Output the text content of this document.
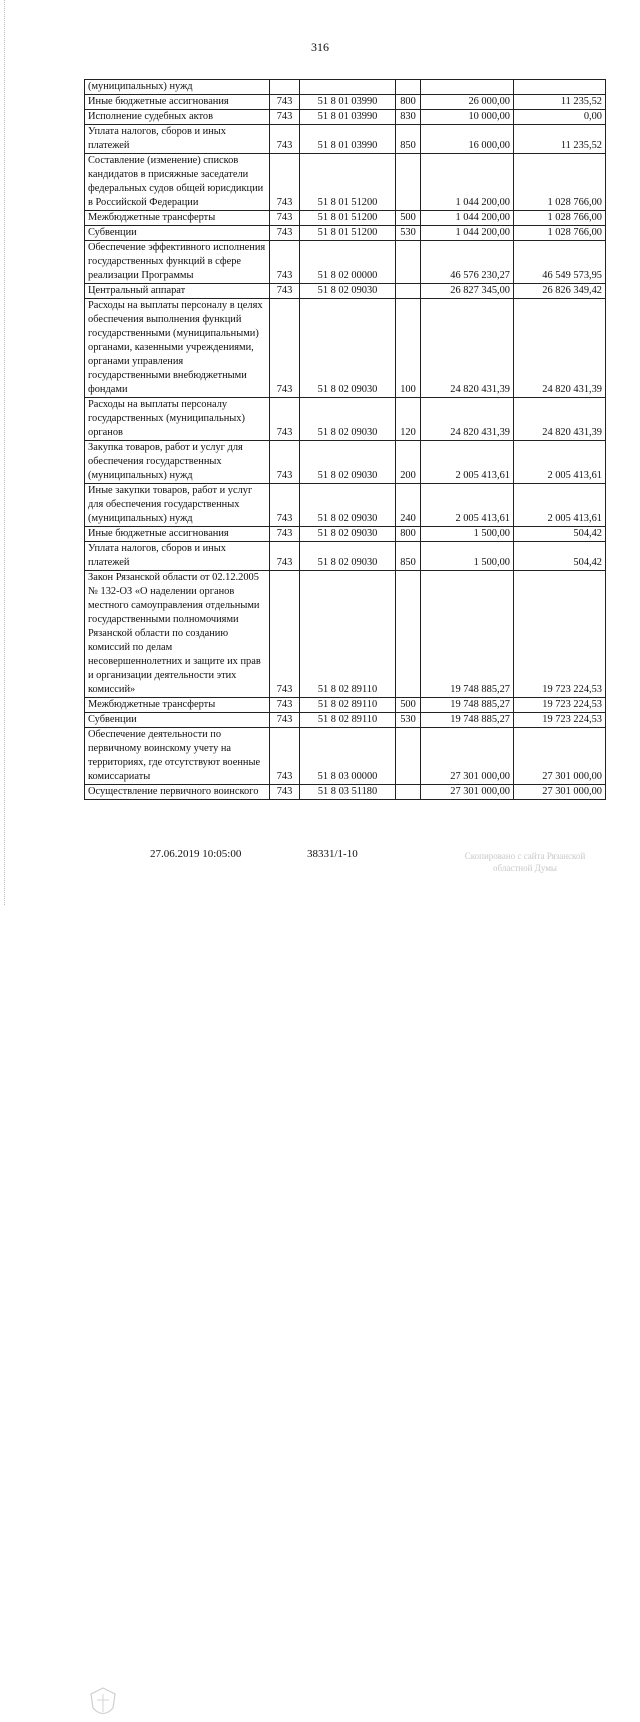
316
(муниципальных) нужд					
Иные бюджетные ассигнования	743	51 8 01 03990	800	26 000,00	11 235,52
Исполнение судебных актов	743	51 8 01 03990	830	10 000,00	0,00
Уплата налогов, сборов и иных платежей	743	51 8 01 03990	850	16 000,00	11 235,52
Составление (изменение) списков кандидатов в присяжные заседатели федеральных судов общей юрисдикции в Российской Федерации	743	51 8 01 51200		1 044 200,00	1 028 766,00
Межбюджетные трансферты	743	51 8 01 51200	500	1 044 200,00	1 028 766,00
Субвенции	743	51 8 01 51200	530	1 044 200,00	1 028 766,00
Обеспечение эффективного исполнения государственных функций в сфере реализации Программы	743	51 8 02 00000		46 576 230,27	46 549 573,95
Центральный аппарат	743	51 8 02 09030		26 827 345,00	26 826 349,42
Расходы на выплаты персоналу в целях обеспечения выполнения функций государственными (муниципальными) органами, казенными учреждениями, органами управления государственными внебюджетными фондами	743	51 8 02 09030	100	24 820 431,39	24 820 431,39
Расходы на выплаты персоналу государственных (муниципальных) органов	743	51 8 02 09030	120	24 820 431,39	24 820 431,39
Закупка товаров, работ и услуг для обеспечения государственных (муниципальных) нужд	743	51 8 02 09030	200	2 005 413,61	2 005 413,61
Иные закупки товаров, работ и услуг для обеспечения государственных (муниципальных) нужд	743	51 8 02 09030	240	2 005 413,61	2 005 413,61
Иные бюджетные ассигнования	743	51 8 02 09030	800	1 500,00	504,42
Уплата налогов, сборов и иных платежей	743	51 8 02 09030	850	1 500,00	504,42
Закон Рязанской области от 02.12.2005 № 132-ОЗ «О наделении органов местного самоуправления отдельными государственными полномочиями Рязанской области по созданию комиссий по делам несовершеннолетних и защите их прав и организации деятельности этих комиссий»	743	51 8 02 89110		19 748 885,27	19 723 224,53
Межбюджетные трансферты	743	51 8 02 89110	500	19 748 885,27	19 723 224,53
Субвенции	743	51 8 02 89110	530	19 748 885,27	19 723 224,53
Обеспечение деятельности по первичному воинскому учету на территориях, где отсутствуют военные комиссариаты	743	51 8 03 00000		27 301 000,00	27 301 000,00
Осуществление первичного воинского	743	51 8 03 51180		27 301 000,00	27 301 000,00
27.06.2019 10:05:00	38331/1-10	Скопировано с сайта Рязанской областной Думы
